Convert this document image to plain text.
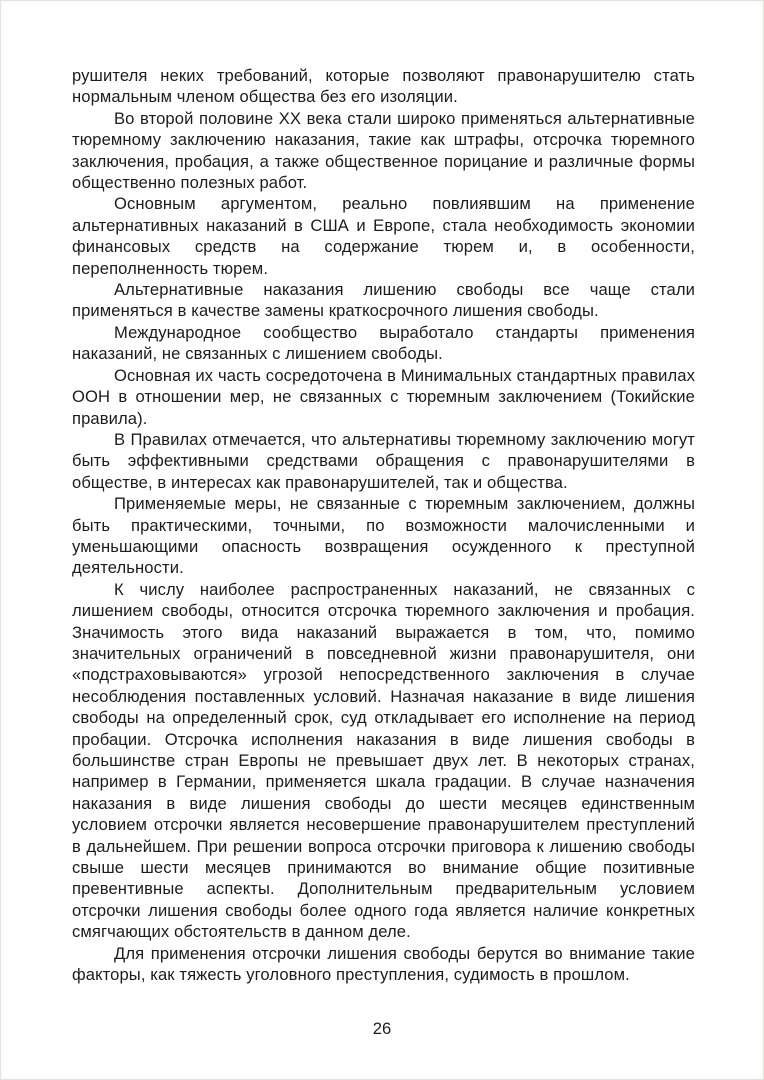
рушителя неких требований, которые позволяют правонарушителю стать нормальным членом общества без его изоляции.

Во второй половине XX века стали широко применяться альтернативные тюремному заключению наказания, такие как штрафы, отсрочка тюремного заключения, пробация, а также общественное порицание и различные формы общественно полезных работ.

Основным аргументом, реально повлиявшим на применение альтернативных наказаний в США и Европе, стала необходимость экономии финансовых средств на содержание тюрем и, в особенности, переполненность тюрем.

Альтернативные наказания лишению свободы все чаще стали применяться в качестве замены краткосрочного лишения свободы.

Международное сообщество выработало стандарты применения наказаний, не связанных с лишением свободы.

Основная их часть сосредоточена в Минимальных стандартных правилах ООН в отношении мер, не связанных с тюремным заключением (Токийские правила).

В Правилах отмечается, что альтернативы тюремному заключению могут быть эффективными средствами обращения с правонарушителями в обществе, в интересах как правонарушителей, так и общества.

Применяемые меры, не связанные с тюремным заключением, должны быть практическими, точными, по возможности малочисленными и уменьшающими опасность возвращения осужденного к преступной деятельности.

К числу наиболее распространенных наказаний, не связанных с лишением свободы, относится отсрочка тюремного заключения и пробация. Значимость этого вида наказаний выражается в том, что, помимо значительных ограничений в повседневной жизни правонарушителя, они «подстраховываются» угрозой непосредственного заключения в случае несоблюдения поставленных условий. Назначая наказание в виде лишения свободы на определенный срок, суд откладывает его исполнение на период пробации. Отсрочка исполнения наказания в виде лишения свободы в большинстве стран Европы не превышает двух лет. В некоторых странах, например в Германии, применяется шкала градации. В случае назначения наказания в виде лишения свободы до шести месяцев единственным условием отсрочки является несовершение правонарушителем преступлений в дальнейшем. При решении вопроса отсрочки приговора к лишению свободы свыше шести месяцев принимаются во внимание общие позитивные превентивные аспекты. Дополнительным предварительным условием отсрочки лишения свободы более одного года является наличие конкретных смягчающих обстоятельств в данном деле.

Для применения отсрочки лишения свободы берутся во внимание такие факторы, как тяжесть уголовного преступления, судимость в прошлом.

26
